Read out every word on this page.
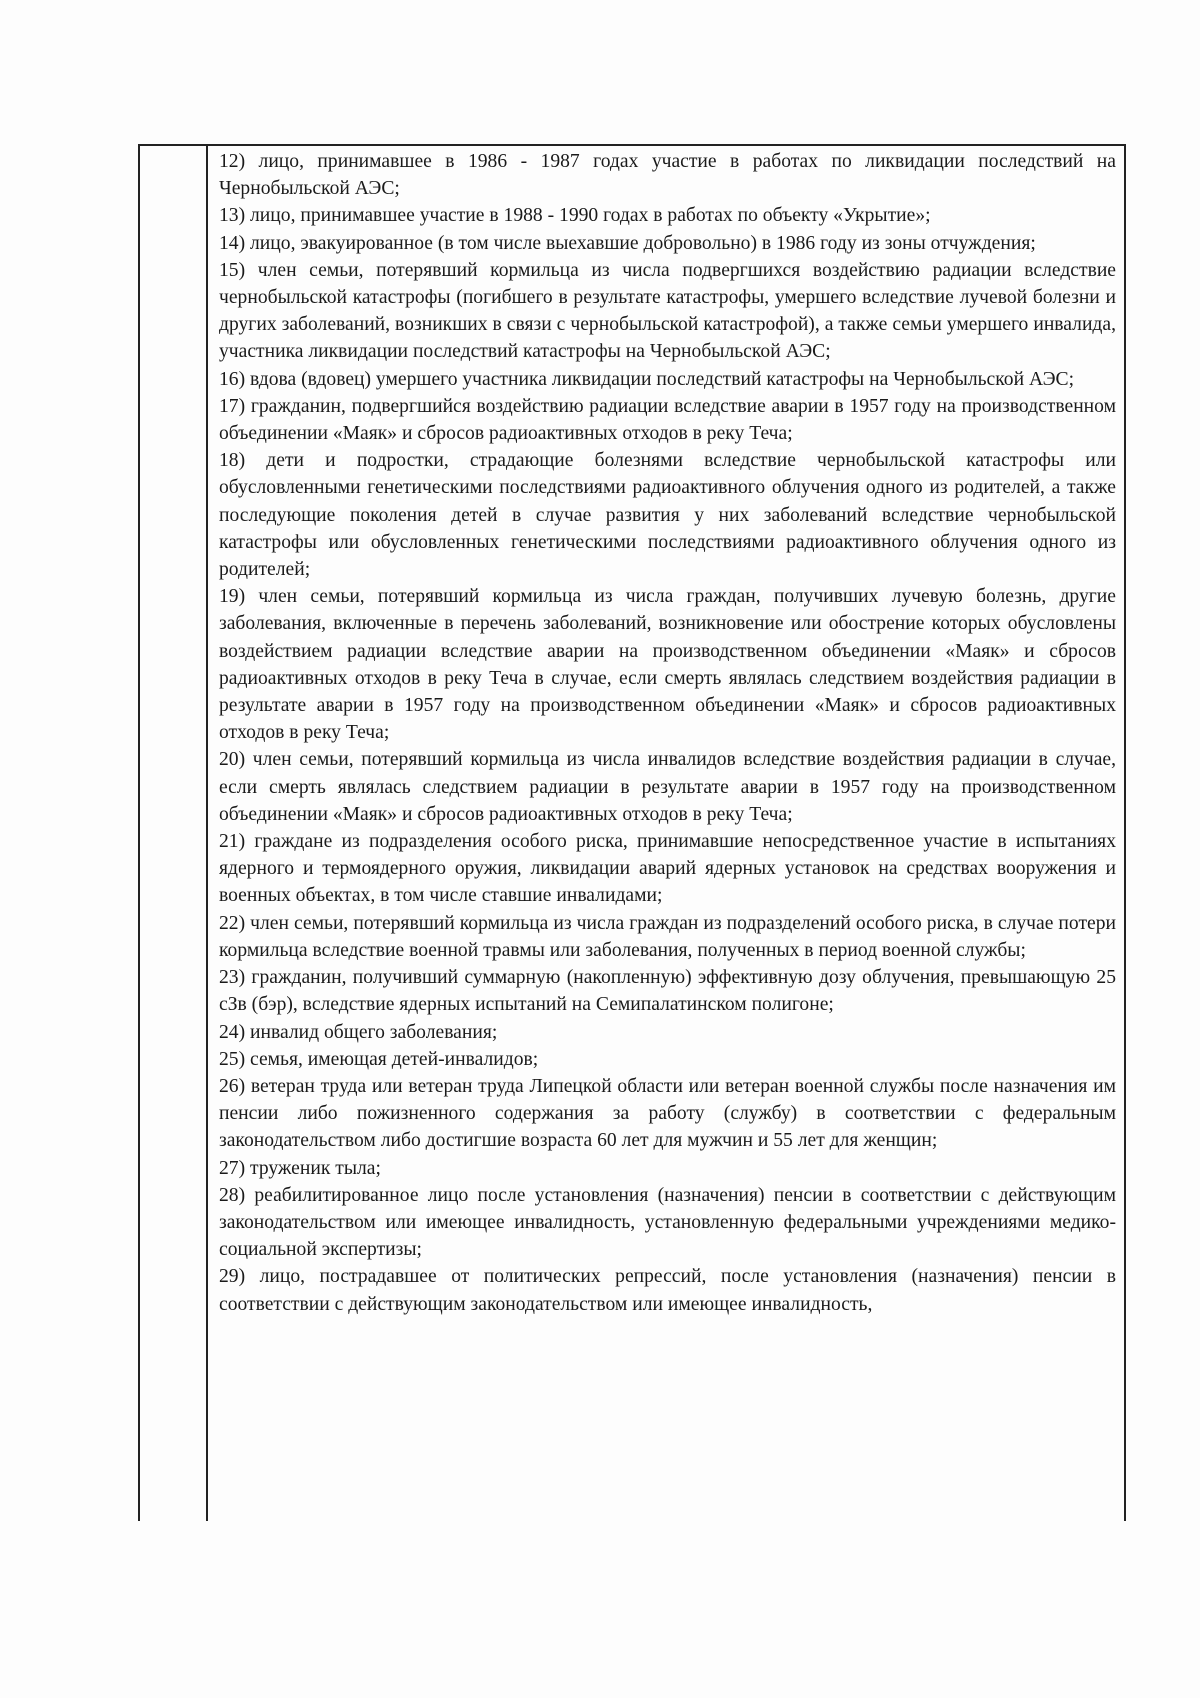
12) лицо, принимавшее в 1986 - 1987 годах участие в работах по ликвидации последствий на Чернобыльской АЭС;

13) лицо, принимавшее участие в 1988 - 1990 годах в работах по объекту «Укрытие»;

14) лицо, эвакуированное (в том числе выехавшие добровольно) в 1986 году из зоны отчуждения;

15) член семьи, потерявший кормильца из числа подвергшихся воздействию радиации вследствие чернобыльской катастрофы (погибшего в результате катастрофы, умершего вследствие лучевой болезни и других заболеваний, возникших в связи с чернобыльской катастрофой), а также семьи умершего инвалида, участника ликвидации последствий катастрофы на Чернобыльской АЭС;

16) вдова (вдовец) умершего участника ликвидации последствий катастрофы на Чернобыльской АЭС;

17) гражданин, подвергшийся воздействию радиации вследствие аварии в 1957 году на производственном объединении «Маяк» и сбросов радиоактивных отходов в реку Теча;

18) дети и подростки, страдающие болезнями вследствие чернобыльской катастрофы или обусловленными генетическими последствиями радиоактивного облучения одного из родителей, а также последующие поколения детей в случае развития у них заболеваний вследствие чернобыльской катастрофы или обусловленных генетическими последствиями радиоактивного облучения одного из родителей;

19) член семьи, потерявший кормильца из числа граждан, получивших лучевую болезнь, другие заболевания, включенные в перечень заболеваний, возникновение или обострение которых обусловлены воздействием радиации вследствие аварии на производственном объединении «Маяк» и сбросов радиоактивных отходов в реку Теча в случае, если смерть являлась следствием воздействия радиации в результате аварии в 1957 году на производственном объединении «Маяк» и сбросов радиоактивных отходов в реку Теча;

20) член семьи, потерявший кормильца из числа инвалидов вследствие воздействия радиации в случае, если смерть являлась следствием радиации в результате аварии в 1957 году на производственном объединении «Маяк» и сбросов радиоактивных отходов в реку Теча;

21) граждане из подразделения особого риска, принимавшие непосредственное участие в испытаниях ядерного и термоядерного оружия, ликвидации аварий ядерных установок на средствах вооружения и военных объектах, в том числе ставшие инвалидами;

22) член семьи, потерявший кормильца из числа граждан из подразделений особого риска, в случае потери кормильца вследствие военной травмы или заболевания, полученных в период военной службы;

23) гражданин, получивший суммарную (накопленную) эффективную дозу облучения, превышающую 25 сЗв (бэр), вследствие ядерных испытаний на Семипалатинском полигоне;

24) инвалид общего заболевания;

25) семья, имеющая детей-инвалидов;

26) ветеран труда или ветеран труда Липецкой области или ветеран военной службы после назначения им пенсии либо пожизненного содержания за работу (службу) в соответствии с федеральным законодательством либо достигшие возраста 60 лет для мужчин и 55 лет для женщин;

27) труженик тыла;

28) реабилитированное лицо после установления (назначения) пенсии в соответствии с действующим законодательством или имеющее инвалидность, установленную федеральными учреждениями медико-социальной экспертизы;

29) лицо, пострадавшее от политических репрессий, после установления (назначения) пенсии в соответствии с действующим законодательством или имеющее инвалидность,
